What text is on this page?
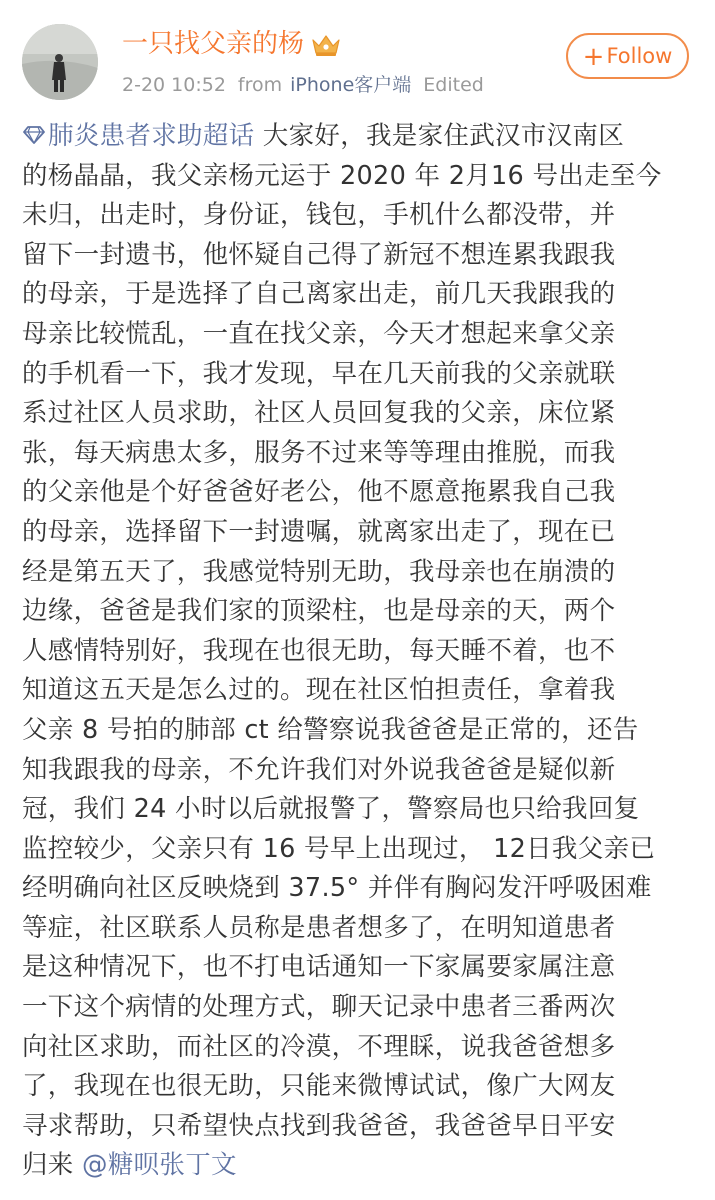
一只找父亲的杨
2-20 10:52 from iPhone客户端 Edited
+Follow
肺炎患者求助超话 大家好，我是家住武汉市汉南区
的杨晶晶，我父亲杨元运于 2020 年 2月16 号出走至今
未归，出走时，身份证，钱包，手机什么都没带，并
留下一封遗书，他怀疑自己得了新冠不想连累我跟我
的母亲，于是选择了自己离家出走，前几天我跟我的
母亲比较慌乱，一直在找父亲，今天才想起来拿父亲
的手机看一下，我才发现，早在几天前我的父亲就联
系过社区人员求助，社区人员回复我的父亲，床位紧
张，每天病患太多，服务不过来等等理由推脱，而我
的父亲他是个好爸爸好老公，他不愿意拖累我自己我
的母亲，选择留下一封遗嘱，就离家出走了，现在已
经是第五天了，我感觉特别无助，我母亲也在崩溃的
边缘，爸爸是我们家的顶梁柱，也是母亲的天，两个
人感情特别好，我现在也很无助，每天睡不着，也不
知道这五天是怎么过的。现在社区怕担责任，拿着我
父亲 8 号拍的肺部 ct 给警察说我爸爸是正常的，还告
知我跟我的母亲，不允许我们对外说我爸爸是疑似新
冠，我们 24 小时以后就报警了，警察局也只给我回复
监控较少，父亲只有 16 号早上出现过， 12日我父亲已
经明确向社区反映烧到 37.5° 并伴有胸闷发汗呼吸困难
等症，社区联系人员称是患者想多了，在明知道患者
是这种情况下，也不打电话通知一下家属要家属注意
一下这个病情的处理方式，聊天记录中患者三番两次
向社区求助，而社区的冷漠，不理睬，说我爸爸想多
了，我现在也很无助，只能来微博试试，像广大网友
寻求帮助，只希望快点找到我爸爸，我爸爸早日平安
归来 @糖呗张丁文
